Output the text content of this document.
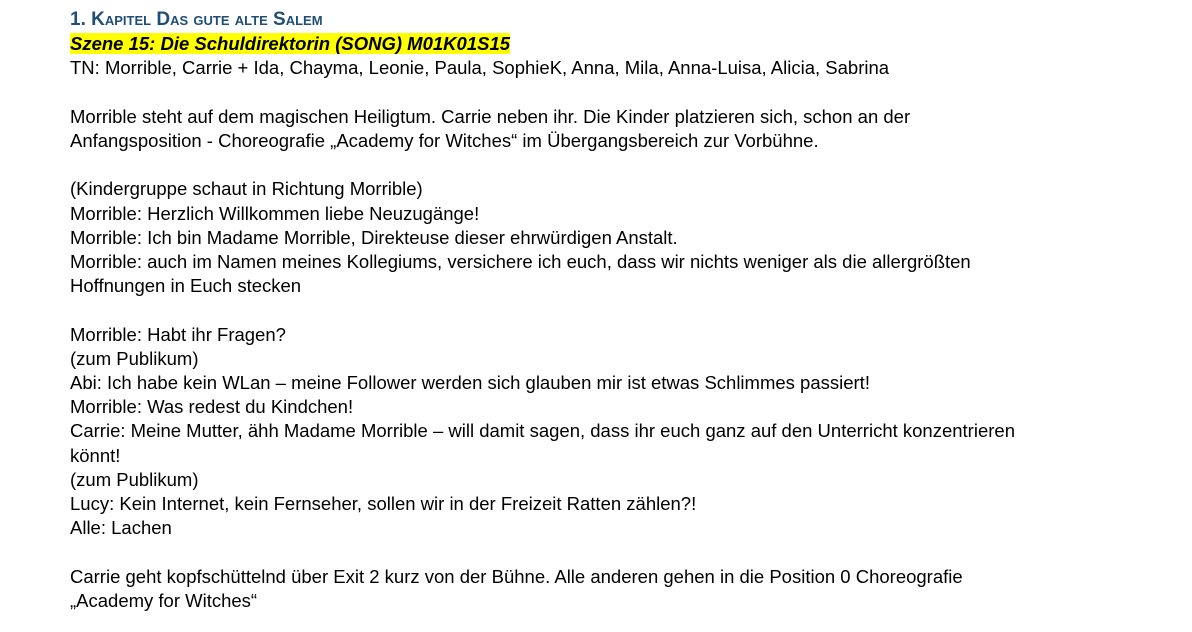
1. Kapitel Das gute alte Salem

Szene 15: Die Schuldirektorin (SONG) M01K01S15

TN: Morrible, Carrie + Ida, Chayma, Leonie, Paula, SophieK, Anna, Mila, Anna-Luisa, Alicia, Sabrina

Morrible steht auf dem magischen Heiligtum. Carrie neben ihr. Die Kinder platzieren sich, schon an der

Anfangsposition - Choreografie „Academy for Witches“ im Übergangsbereich zur Vorbühne.

(Kindergruppe schaut in Richtung Morrible)

Morrible: Herzlich Willkommen liebe Neuzugänge!

Morrible: Ich bin Madame Morrible, Direkteuse dieser ehrwürdigen Anstalt.

Morrible: auch im Namen meines Kollegiums, versichere ich euch, dass wir nichts weniger als die allergrößten

Hoffnungen in Euch stecken

Morrible: Habt ihr Fragen?

(zum Publikum)

Abi: Ich habe kein WLan – meine Follower werden sich glauben mir ist etwas Schlimmes passiert!

Morrible: Was redest du Kindchen!

Carrie: Meine Mutter, ähh Madame Morrible – will damit sagen, dass ihr euch ganz auf den Unterricht konzentrieren

könnt!

(zum Publikum)

Lucy: Kein Internet, kein Fernseher, sollen wir in der Freizeit Ratten zählen?!

Alle: Lachen

Carrie geht kopfschüttelnd über Exit 2 kurz von der Bühne. Alle anderen gehen in die Position 0 Choreografie

„Academy for Witches“
